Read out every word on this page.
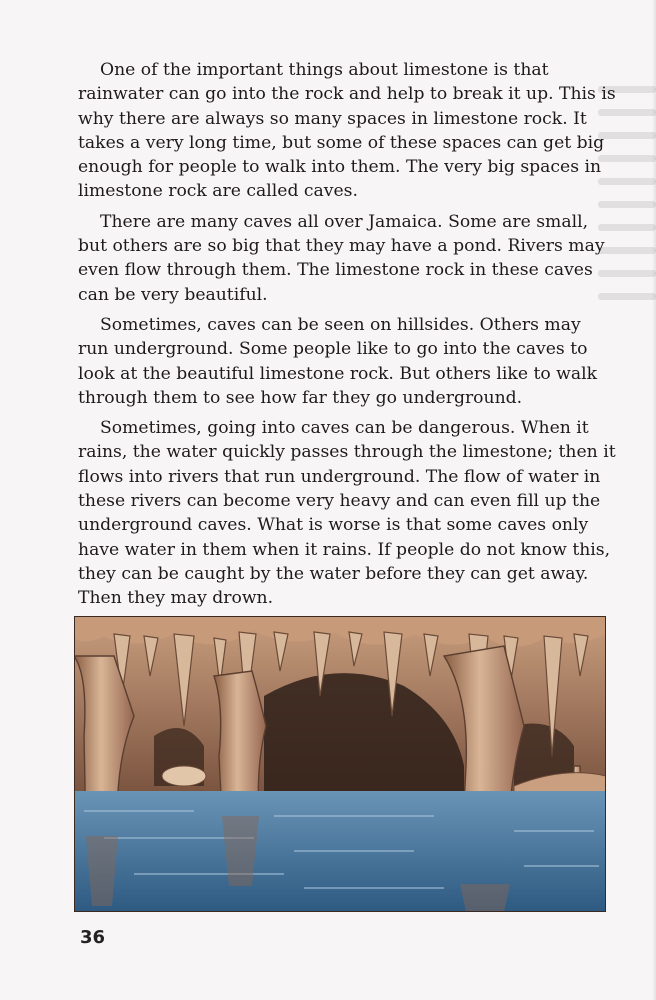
One of the important things about limestone is that rainwater can go into the rock and help to break it up. This is why there are always so many spaces in limestone rock. It takes a very long time, but some of these spaces can get big enough for people to walk into them. The very big spaces in limestone rock are called caves.

There are many caves all over Jamaica. Some are small, but others are so big that they may have a pond. Rivers may even flow through them. The limestone rock in these caves can be very beautiful.

Sometimes, caves can be seen on hillsides. Others may run underground. Some people like to go into the caves to look at the beautiful limestone rock. But others like to walk through them to see how far they go underground.

Sometimes, going into caves can be dangerous. When it rains, the water quickly passes through the limestone; then it flows into rivers that run underground. The flow of water in these rivers can become very heavy and can even fill up the underground caves. What is worse is that some caves only have water in them when it rains. If people do not know this, they can be caught by the water before they can get away. Then they may drown.

36
